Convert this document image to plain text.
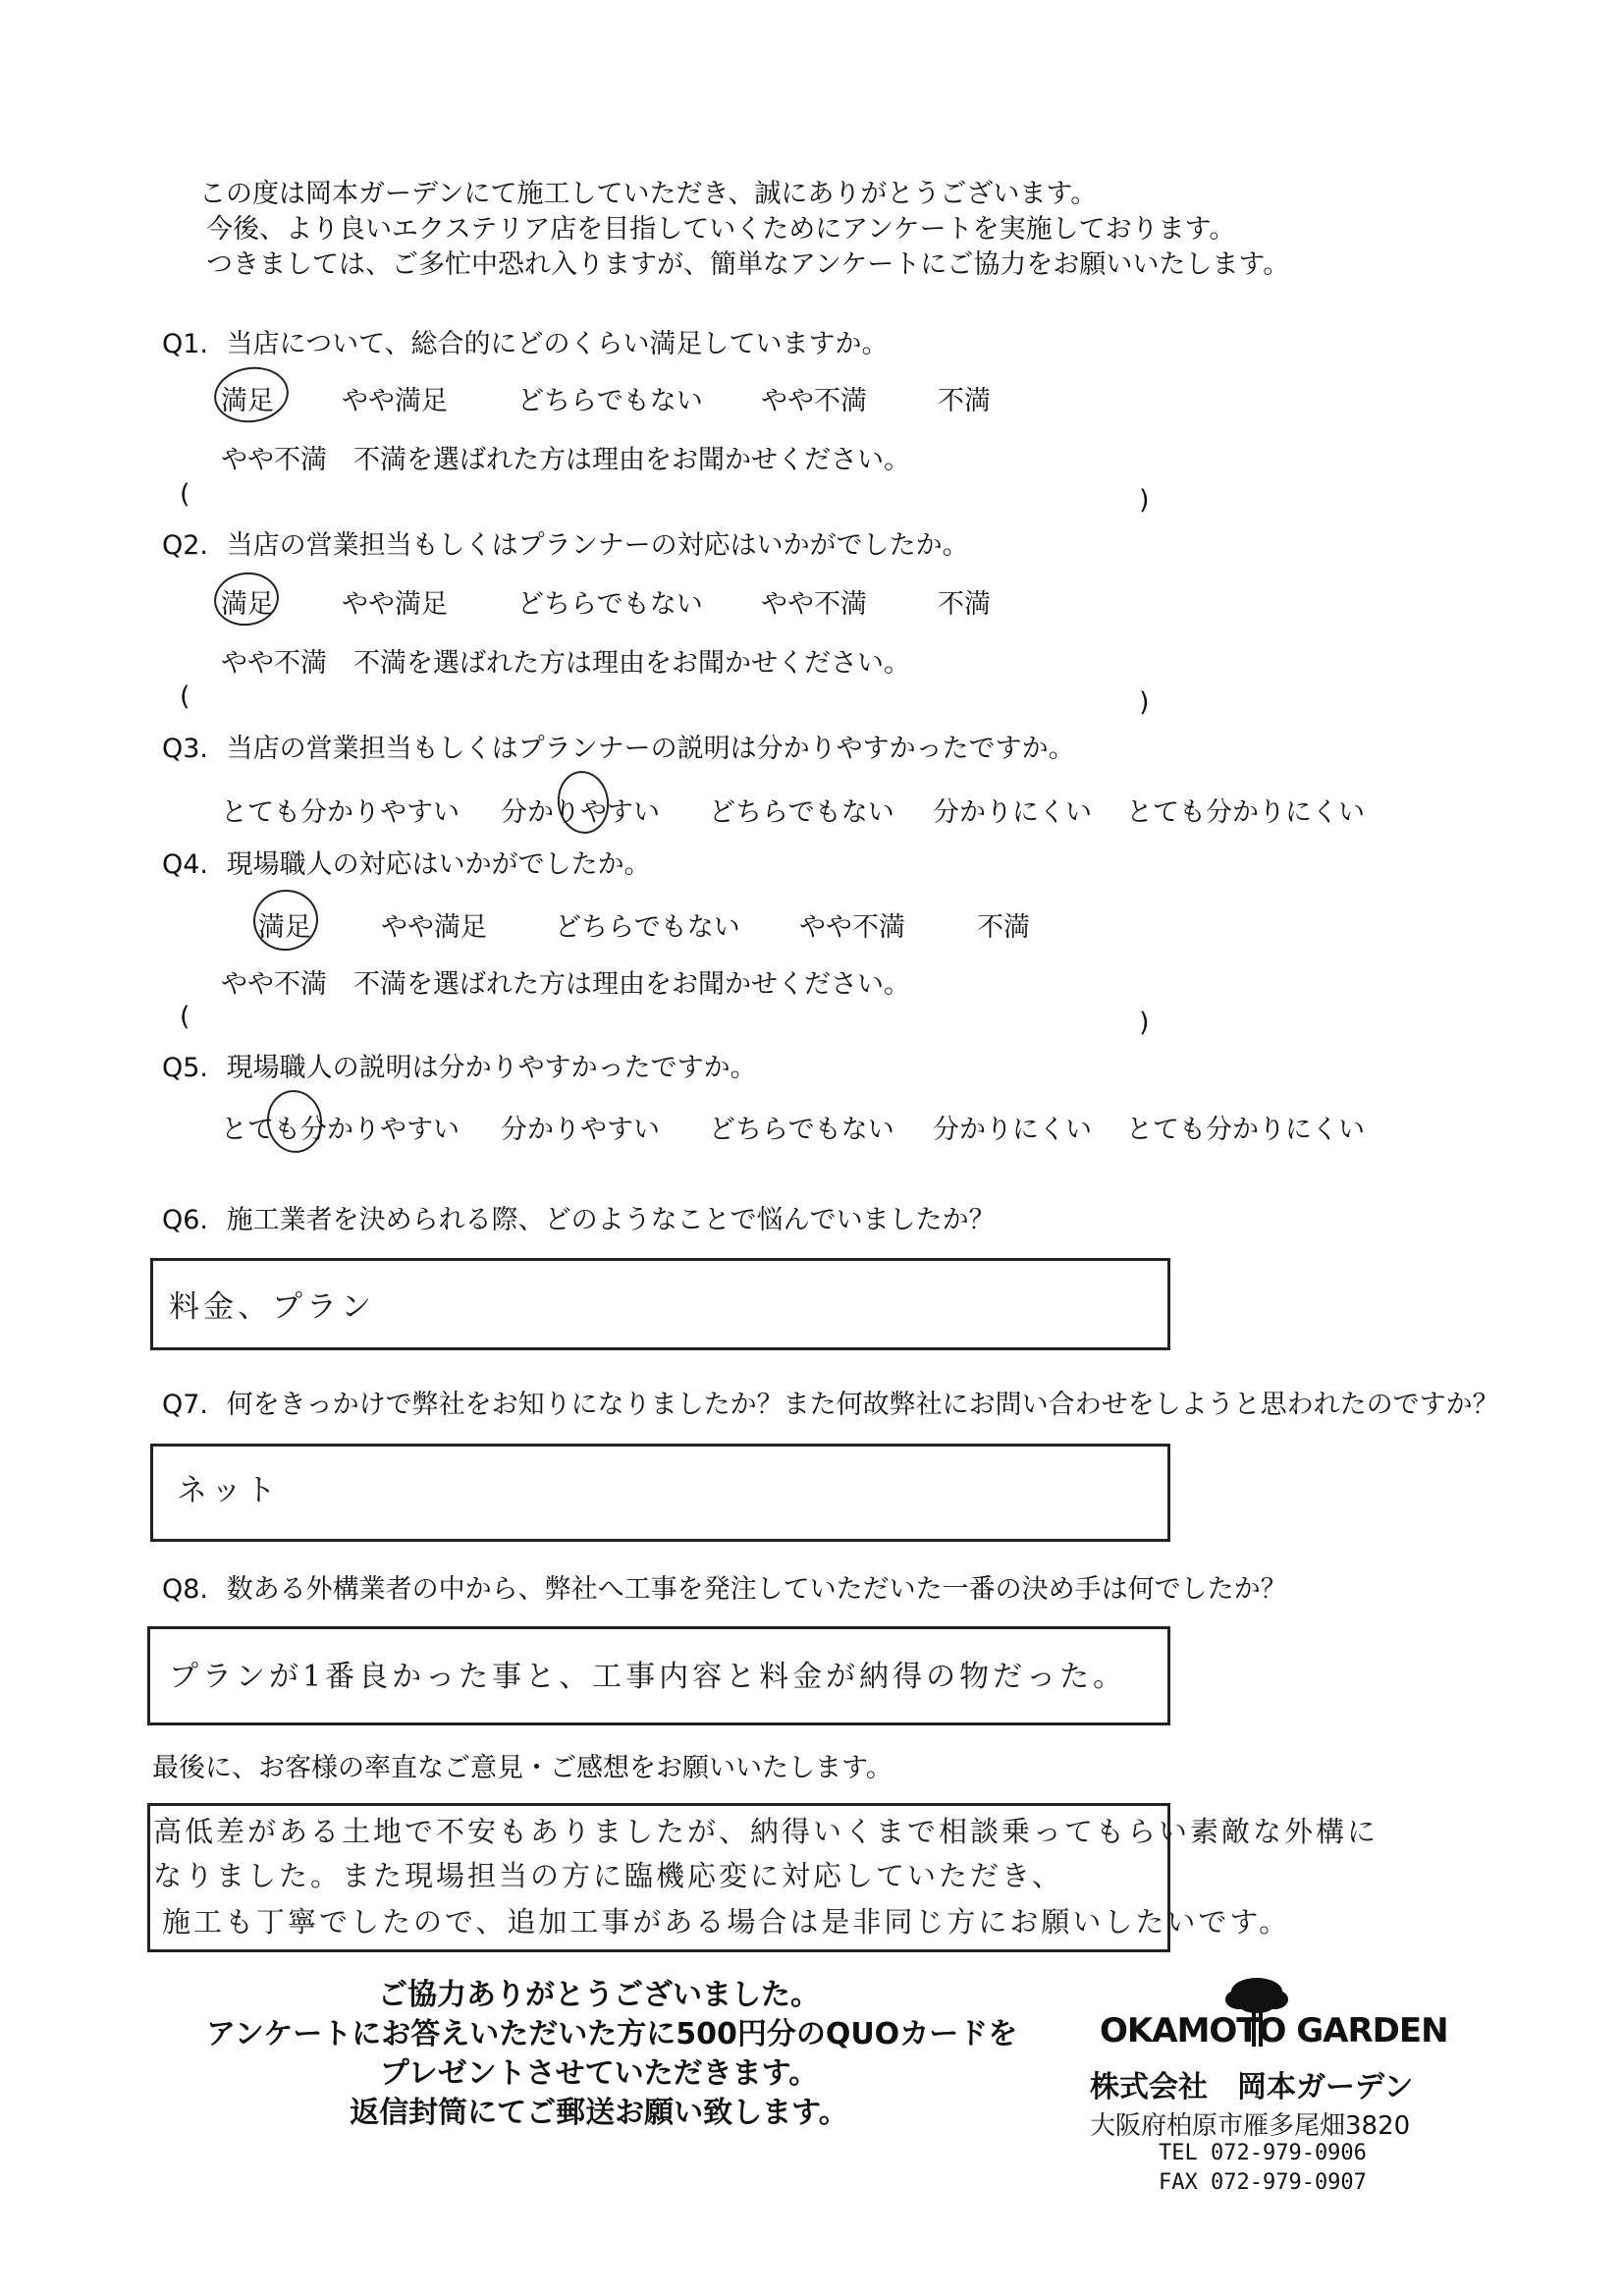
この度は岡本ガーデンにて施工していただき、誠にありがとうございます。
今後、より良いエクステリア店を目指していくためにアンケートを実施しております。
つきましては、ご多忙中恐れ入りますが、簡単なアンケートにご協力をお願いいたします。
Q1. 当店について、総合的にどのくらい満足していますか。
満足	やや満足	どちらでもない やや不満	不満
やや不満　不満を選ばれた方は理由をお聞かせください。
(	)
Q2. 当店の営業担当もしくはプランナーの対応はいかがでしたか。
満足	やや満足	どちらでもない やや不満	不満
やや不満　不満を選ばれた方は理由をお聞かせください。
(	)
Q3. 当店の営業担当もしくはプランナーの説明は分かりやすかったですか。
とても分かりやすい 分かりやすい どちらでもない 分かりにくい とても分かりにくい
Q4. 現場職人の対応はいかがでしたか。
満足	やや満足	どちらでもない やや不満	不満
やや不満　不満を選ばれた方は理由をお聞かせください。
(	)
Q5. 現場職人の説明は分かりやすかったですか。
とても分かりやすい 分かりやすい どちらでもない 分かりにくい とても分かりにくい
Q6. 施工業者を決められる際、どのようなことで悩んでいましたか？
料金、プラン
Q7. 何をきっかけで弊社をお知りになりましたか？また何故弊社にお問い合わせをしようと思われたのですか？
ネット
Q8. 数ある外構業者の中から、弊社へ工事を発注していただいた一番の決め手は何でしたか？
プランが1番良かった事と、工事内容と料金が納得の物だった。
最後に、お客様の率直なご意見・ご感想をお願いいたします。
高低差がある土地で不安もありましたが、納得いくまで相談乗ってもらい素敵な外構に
なりました。また現場担当の方に臨機応変に対応していただき、
施工も丁寧でしたので、追加工事がある場合は是非同じ方にお願いしたいです。
ご協力ありがとうございました。
アンケートにお答えいただいた方に500円分のQUOカードを
プレゼントさせていただきます。
返信封筒にてご郵送お願い致します。
OKAMOTO GARDEN
株式会社　岡本ガーデン
大阪府柏原市雁多尾畑3820
TEL 072-979-0906
FAX 072-979-0907
